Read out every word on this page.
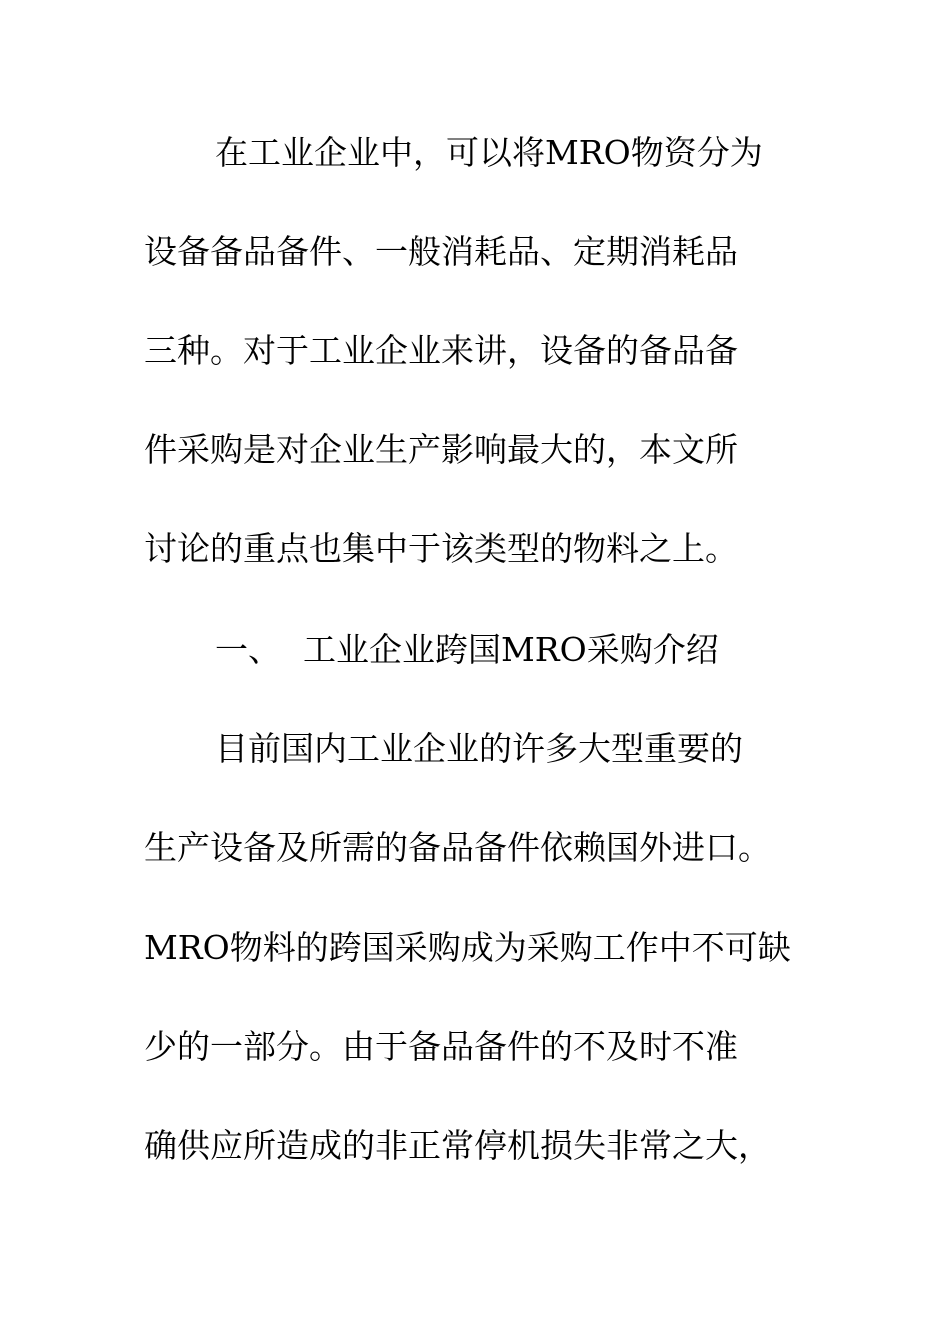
在工业企业中，可以将MRO物资分为
设备备品备件、一般消耗品、定期消耗品
三种。对于工业企业来讲，设备的备品备
件采购是对企业生产影响最大的，本文所
讨论的重点也集中于该类型的物料之上。
一、 工业企业跨国MRO采购介绍
目前国内工业企业的许多大型重要的
生产设备及所需的备品备件依赖国外进口。
MRO物料的跨国采购成为采购工作中不可缺
少的一部分。由于备品备件的不及时不准
确供应所造成的非正常停机损失非常之大，
